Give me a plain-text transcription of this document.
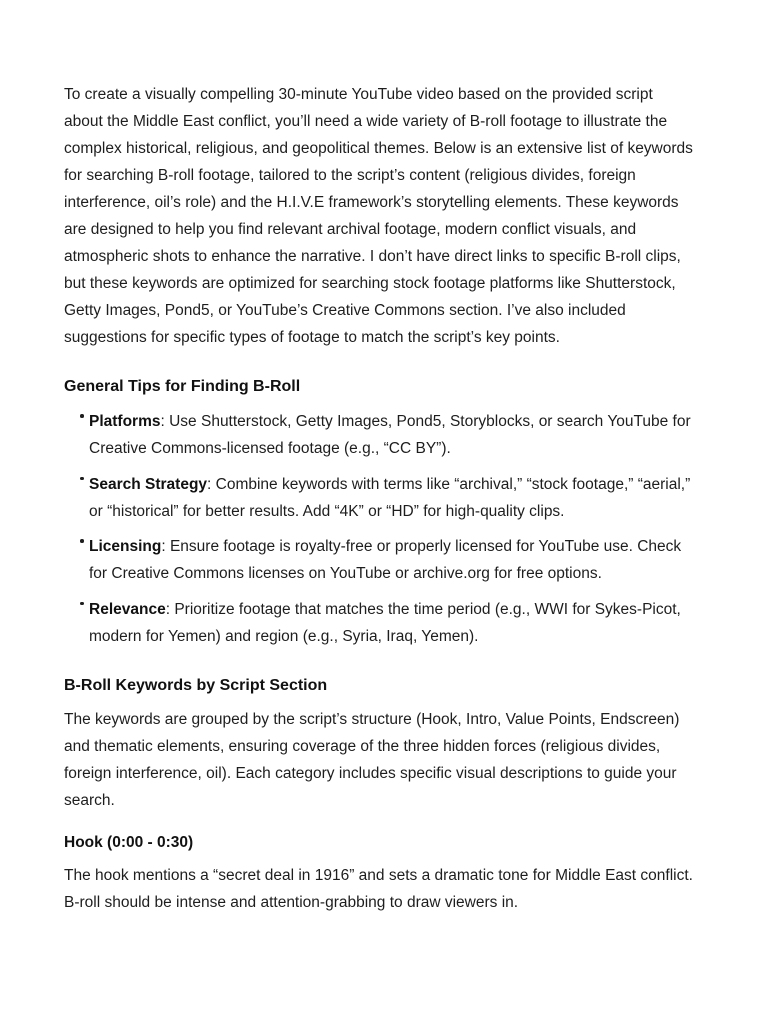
To create a visually compelling 30-minute YouTube video based on the provided script
about the Middle East conflict, you’ll need a wide variety of B-roll footage to illustrate the
complex historical, religious, and geopolitical themes. Below is an extensive list of keywords
for searching B-roll footage, tailored to the script’s content (religious divides, foreign
interference, oil’s role) and the H.I.V.E framework’s storytelling elements. These keywords
are designed to help you find relevant archival footage, modern conflict visuals, and
atmospheric shots to enhance the narrative. I don’t have direct links to specific B-roll clips,
but these keywords are optimized for searching stock footage platforms like Shutterstock,
Getty Images, Pond5, or YouTube’s Creative Commons section. I’ve also included
suggestions for specific types of footage to match the script’s key points.

General Tips for Finding B-Roll
Platforms: Use Shutterstock, Getty Images, Pond5, Storyblocks, or search YouTube for
Creative Commons-licensed footage (e.g., “CC BY”).
Search Strategy: Combine keywords with terms like “archival,” “stock footage,” “aerial,”
or “historical” for better results. Add “4K” or “HD” for high-quality clips.
Licensing: Ensure footage is royalty-free or properly licensed for YouTube use. Check
for Creative Commons licenses on YouTube or archive.org for free options.
Relevance: Prioritize footage that matches the time period (e.g., WWI for Sykes-Picot,
modern for Yemen) and region (e.g., Syria, Iraq, Yemen).
B-Roll Keywords by Script Section

The keywords are grouped by the script’s structure (Hook, Intro, Value Points, Endscreen)
and thematic elements, ensuring coverage of the three hidden forces (religious divides,
foreign interference, oil). Each category includes specific visual descriptions to guide your
search.

Hook (0:00 - 0:30)

The hook mentions a “secret deal in 1916” and sets a dramatic tone for Middle East conflict.
B-roll should be intense and attention-grabbing to draw viewers in.
